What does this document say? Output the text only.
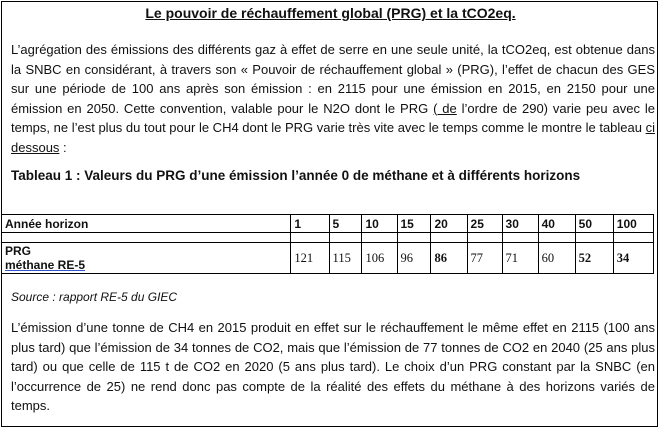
Le pouvoir de réchauffement global (PRG) et la tCO2eq.

L’agrégation des émissions des différents gaz à effet de serre en une seule unité, la tCO2eq, est obtenue dans la SNBC en considérant, à travers son « Pouvoir de réchauffement global » (PRG), l’effet de chacun des GES sur une période de 100 ans après son émission : en 2115 pour une émission en 2015, en 2150 pour une émission en 2050. Cette convention, valable pour le N2O dont le PRG ( de l’ordre de 290) varie peu avec le temps, ne l’est plus du tout pour le CH4 dont le PRG varie très vite avec le temps comme le montre le tableau ci dessous :

Tableau 1 : Valeurs du PRG d’une émission l’année 0 de méthane et à différents horizons
Année horizon	1	5	10	15	20	25	30	40	50	100

PRG
méthane RE-5	121	115	106	96	86	77	71	60	52	34
Source : rapport RE-5 du GIEC

L’émission d’une tonne de CH4 en 2015 produit en effet sur le réchauffement le même effet en 2115 (100 ans plus tard) que l’émission de 34 tonnes de CO2, mais que l’émission de 77 tonnes de CO2 en 2040 (25 ans plus tard) ou que celle de 115 t de CO2 en 2020 (5 ans plus tard). Le choix d’un PRG constant par la SNBC (en l’occurrence de 25) ne rend donc pas compte de la réalité des effets du méthane à des horizons variés de temps.
